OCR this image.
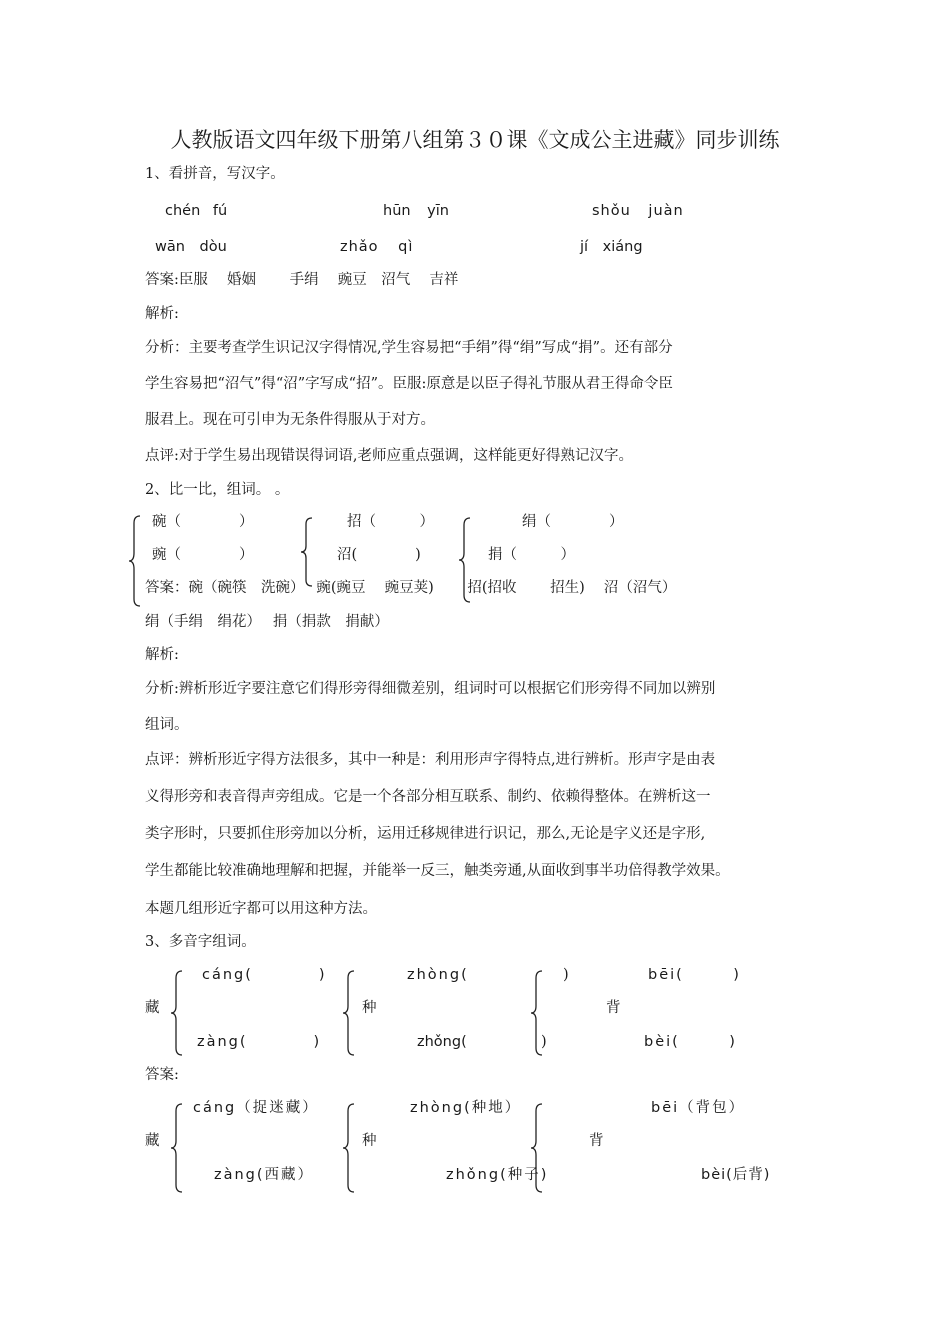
人教版语文四年级下册第八组第３０课《文成公主进藏》同步训练
1、看拼音，写汉字。
chén fú	hūn yīn	shǒu juàn
wān dòu	zhǎo qì	jí xiáng
答案:臣服　 婚姻　　 手绢　 豌豆　沼气　 吉祥
解析:
分析：主要考查学生识记汉字得情况,学生容易把“手绢”得“绢”写成“捐”。还有部分
学生容易把“沼气”得“沼”字写成“招”。臣服:原意是以臣子得礼节服从君王得命令臣
服君上。现在可引申为无条件得服从于对方。
点评:对于学生易出现错误得词语,老师应重点强调，这样能更好得熟记汉字。
2、比一比，组词。 。
碗（　　　　）
豌（　　　　）
招（　　　）
沼(　　　　)
绢（　　　　）
捐（　　　）
答案：碗（碗筷　洗碗）　 豌(豌豆　 豌豆荚)　　 招(招收　　 招生)　 沼（沼气）
绢（手绢　绢花）　 捐（捐款　捐献）
解析:
分析:辨析形近字要注意它们得形旁得细微差别，组词时可以根据它们形旁得不同加以辨别
组词。
点评：辨析形近字得方法很多，其中一种是：利用形声字得特点,进行辨析。形声字是由表
义得形旁和表音得声旁组成。它是一个各部分相互联系、制约、依赖得整体。在辨析这一
类字形时，只要抓住形旁加以分析，运用迁移规律进行识记，那么,无论是字义还是字形,
学生都能比较准确地理解和把握，并能举一反三，触类旁通,从面收到事半功倍得教学效果。
本题几组形近字都可以用这种方法。
3、多音字组词。
藏
cáng(　　　　)
zàng(　　　　)
种
zhòng(	)
zhǒng(	)
背
bēi(　　　)
bèi(　　　)
答案:
藏
cáng（捉迷藏）
zàng(西藏）
种
zhòng(种地）
zhǒng(种子)
背
bēi（背包）
bèi(后背)
